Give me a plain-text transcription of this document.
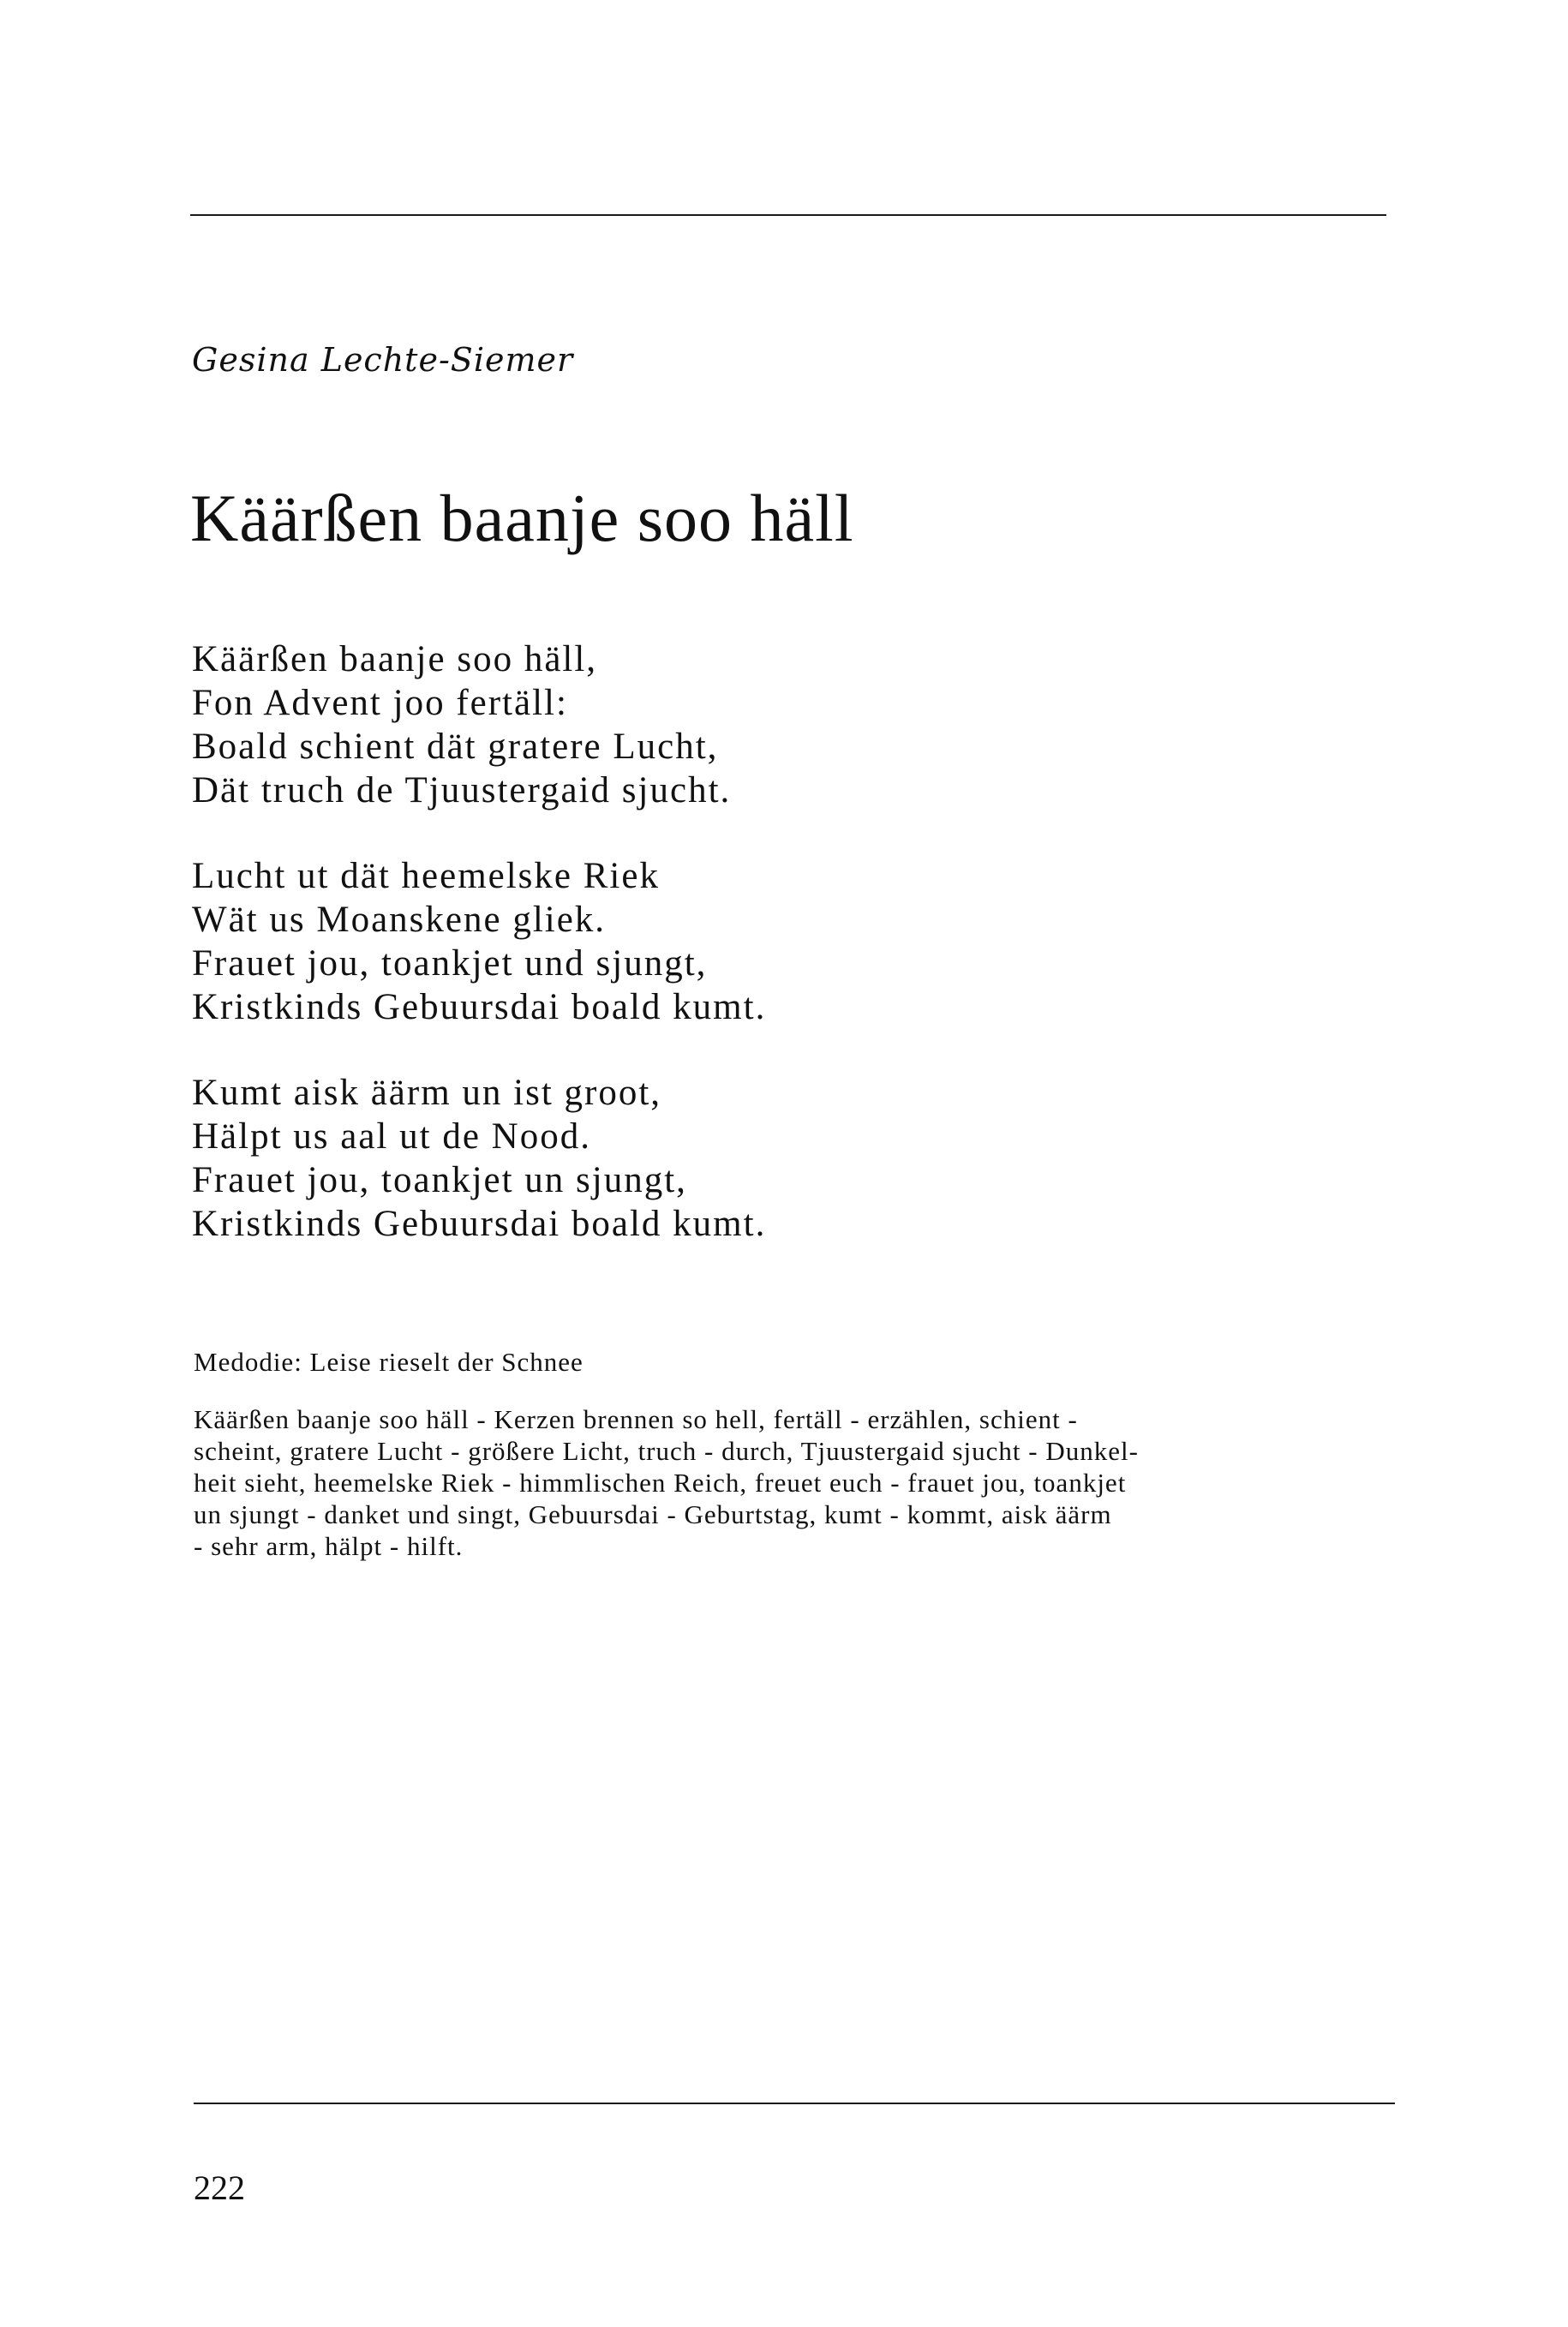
Gesina Lechte-Siemer
Käärßen baanje soo häll
Käärßen baanje soo häll,
Fon Advent joo fertäll:
Boald schient dät gratere Lucht,
Dät truch de Tjuustergaid sjucht.
Lucht ut dät heemelske Riek
Wät us Moanskene gliek.
Frauet jou, toankjet und sjungt,
Kristkinds Gebuursdai boald kumt.
Kumt aisk äärm un ist groot,
Hälpt us aal ut de Nood.
Frauet jou, toankjet un sjungt,
Kristkinds Gebuursdai boald kumt.
Medodie: Leise rieselt der Schnee
Käärßen baanje soo häll - Kerzen brennen so hell, fertäll - erzählen, schient -
scheint, gratere Lucht - größere Licht, truch - durch, Tjuustergaid sjucht - Dunkel-
heit sieht, heemelske Riek - himmlischen Reich, freuet euch - frauet jou, toankjet
un sjungt - danket und singt, Gebuursdai - Geburtstag, kumt - kommt, aisk äärm
- sehr arm, hälpt - hilft.
222
